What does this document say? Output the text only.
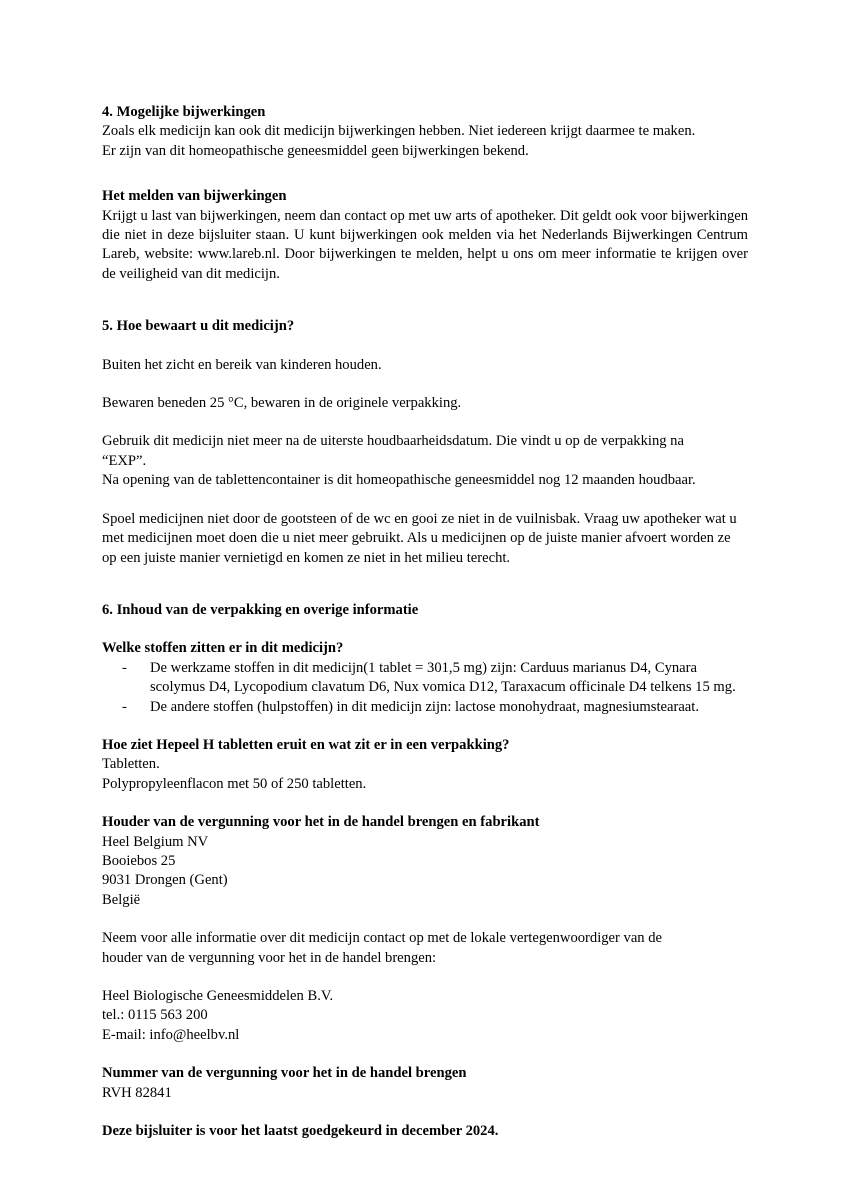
4. Mogelijke bijwerkingen

Zoals elk medicijn kan ook dit medicijn bijwerkingen hebben. Niet iedereen krijgt daarmee te maken.

Er zijn van dit homeopathische geneesmiddel geen bijwerkingen bekend.

Het melden van bijwerkingen

Krijgt u last van bijwerkingen, neem dan contact op met uw arts of apotheker. Dit geldt ook voor bijwerkingen die niet in deze bijsluiter staan. U kunt bijwerkingen ook melden via het Nederlands Bijwerkingen Centrum Lareb, website: www.lareb.nl. Door bijwerkingen te melden, helpt u ons om meer informatie te krijgen over de veiligheid van dit medicijn.

5. Hoe bewaart u dit medicijn?

Buiten het zicht en bereik van kinderen houden.

Bewaren beneden 25 °C, bewaren in de originele verpakking.

Gebruik dit medicijn niet meer na de uiterste houdbaarheidsdatum. Die vindt u op de verpakking na

“EXP”.

Na opening van de tablettencontainer is dit homeopathische geneesmiddel nog 12 maanden houdbaar.

Spoel medicijnen niet door de gootsteen of de wc en gooi ze niet in de vuilnisbak. Vraag uw apotheker wat u met medicijnen moet doen die u niet meer gebruikt. Als u medicijnen op de juiste manier afvoert worden ze op een juiste manier vernietigd en komen ze niet in het milieu terecht.

6. Inhoud van de verpakking en overige informatie
Welke stoffen zitten er in dit medicijn?
- De werkzame stoffen in dit medicijn(1 tablet = 301,5 mg) zijn: Carduus marianus D4, Cynara scolymus D4, Lycopodium clavatum D6, Nux vomica D12, Taraxacum officinale D4 telkens 15 mg.
- De andere stoffen (hulpstoffen) in dit medicijn zijn: lactose monohydraat, magnesiumstearaat.
Hoe ziet Hepeel H tabletten eruit en wat zit er in een verpakking?

Tabletten.

Polypropyleenflacon met 50 of 250 tabletten.

Houder van de vergunning voor het in de handel brengen en fabrikant

Heel Belgium NV

Booiebos 25

9031 Drongen (Gent)

België

Neem voor alle informatie over dit medicijn contact op met de lokale vertegenwoordiger van de

houder van de vergunning voor het in de handel brengen:

Heel Biologische Geneesmiddelen B.V.

tel.: 0115 563 200

E-mail: info@heelbv.nl

Nummer van de vergunning voor het in de handel brengen

RVH 82841

Deze bijsluiter is voor het laatst goedgekeurd in december 2024.
